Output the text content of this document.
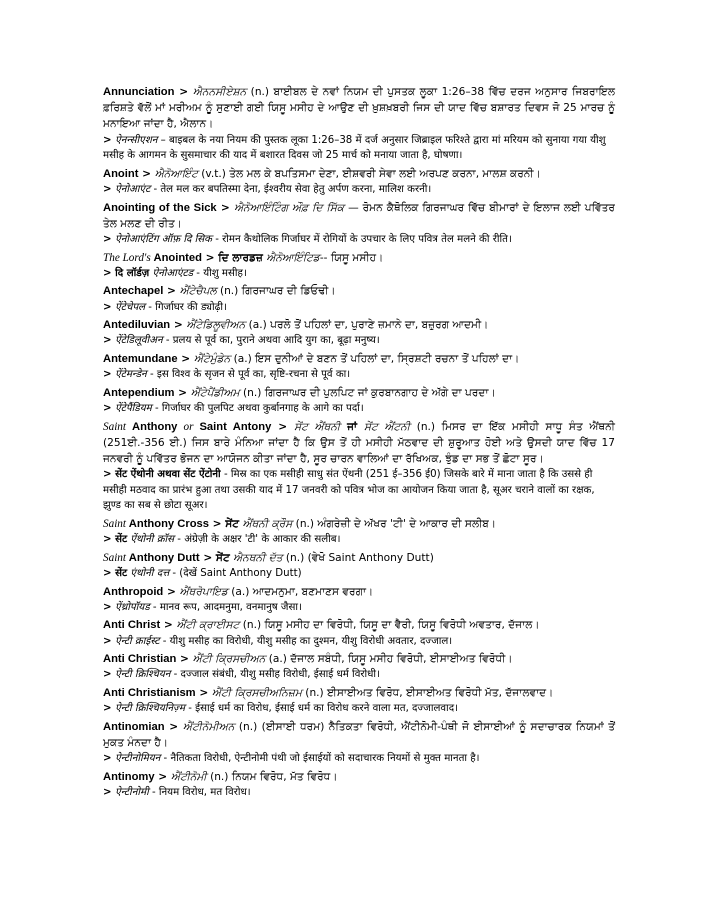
Annunciation > ਐਨਨਸੀਏਸ਼ਨ (n.) ਬਾਈਬਲ ਦੇ ਨਵਾਂ ਨਿਯਮ ਦੀ ਪੁਸਤਕ ਲੂਕਾ 1:26–38 ਵਿੱਚ ਦਰਜ ਅਨੁਸਾਰ ਜਿਬਰਾਇਲ ਫ਼ਰਿਸ਼ਤੇ ਵੱਲੋਂ ਮਾਂ ਮਰੀਅਮ ਨੂੰ ਸੁਣਾਈ ਗਈ ਯਿਸੂ ਮਸੀਹ ਦੇ ਆਉਣ ਦੀ ਖ਼ੁਸ਼ਖ਼ਬਰੀ ਜਿਸ ਦੀ ਯਾਦ ਵਿੱਚ ਬਸ਼ਾਰਤ ਦਿਵਸ ਜੋ 25 ਮਾਰਚ ਨੂੰ ਮਨਾਇਆ ਜਾਂਦਾ ਹੈ, ਐਲਾਨ।
> ऐनन्सीएशन – बाइबल के नया नियम की पुस्तक लूका 1:26–38 में दर्ज अनुसार जिब्राइल फरिश्ते द्वारा मां मरियम को सुनाया गया यीशु मसीह के आगमन के सुसमाचार की याद में बशारत दिवस जो 25 मार्च को मनाया जाता है, घोषणा।
Anoint > ਐਨੋਆਇੰਟ (v.t.) ਤੇਲ ਮਲ ਕੇ ਬਪਤਿਸਮਾ ਦੇਣਾ, ਈਸ਼ਵਰੀ ਸੇਵਾ ਲਈ ਅਰਪਣ ਕਰਨਾ, ਮਾਲਸ਼ ਕਰਨੀ।
> ऐनोआएंट - तेल मल कर बपतिस्मा देना, ईश्वरीय सेवा हेतु अर्पण करना, मालिश करनी।
Anointing of the Sick > ਐਨੋਆਇੰਟਿੰਗ ਔਫ਼ ਦਿ ਸਿੱਕ — ਰੋਮਨ ਕੈਥੋਲਿਕ ਗਿਰਜਾਘਰ ਵਿੱਚ ਬੀਮਾਰਾਂ ਦੇ ਇਲਾਜ ਲਈ ਪਵਿੱਤਰ ਤੇਲ ਮਲਣ ਦੀ ਰੀਤ।
> ऐनोआएंटिंग ऑफ़ दि सिक - रोमन कैथोलिक गिर्जाघर में रोगियों के उपचार के लिए पवित्र तेल मलने की रीति।
The Lord's Anointed > ਦਿ ਲਾਰਡਜ਼ ਐਨੋਆਇੰਟਿਡ-- ਯਿਸੂ ਮਸੀਹ।
> दि लॉर्डज़ ऐनोआएंटड - यीशु मसीह।
Antechapel > ਐਂਟੇਚੈਪਲ (n.) ਗਿਰਜਾਘਰ ਦੀ ਡਿਓਢੀ।
> ऐंटेचेपल - गिर्जाघर की ड्योढ़ी।
Antediluvian > ਐਂਟੇਡਿਲੂਵੀਅਨ (a.) ਪਰਲੋ ਤੋਂ ਪਹਿਲਾਂ ਦਾ, ਪੁਰਾਣੇ ਜ਼ਮਾਨੇ ਦਾ, ਬਜ਼ੁਰਗ ਆਦਮੀ।
> ऐंटेडिलूवीअन - प्रलय से पूर्व का, पुराने अथवा आदि युग का, बूढ़ा मनुष्य।
Antemundane > ਐਂਟੇਮੁੰਡੇਨ (a.) ਇਸ ਦੁਨੀਆਂ ਦੇ ਬਣਨ ਤੋਂ ਪਹਿਲਾਂ ਦਾ, ਸ੍ਰਿਸ਼ਟੀ ਰਚਨਾ ਤੋਂ ਪਹਿਲਾਂ ਦਾ।
> ऐंटेमन्डेन - इस विश्व के सृजन से पूर्व का, सृष्टि-रचना से पूर्व का।
Antependium > ਐਂਟੇਪੈਂਡੀਅਮ (n.) ਗਿਰਜਾਘਰ ਦੀ ਪੁਲਪਿਟ ਜਾਂ ਕੁਰਬਾਨਗਾਹ ਦੇ ਅੱਗੇ ਦਾ ਪਰਦਾ।
> ऐंटेपैंडियम - गिर्जाघर की पुलपिट अथवा कुर्बानगाह के आगे का पर्दा।
Saint Anthony or Saint Antony > ਸੇਂਟ ਐਂਥਨੀ ਜਾਂ ਸੇਂਟ ਐਂਟਨੀ (n.) ਮਿਸਰ ਦਾ ਇੱਕ ਮਸੀਹੀ ਸਾਧੂ ਸੰਤ ਐਂਥਨੀ (251ਈ.-356 ਈ.) ਜਿਸ ਬਾਰੇ ਮੰਨਿਆ ਜਾਂਦਾ ਹੈ ਕਿ ਉਸ ਤੋਂ ਹੀ ਮਸੀਹੀ ਮੱਠਵਾਦ ਦੀ ਸ਼ੁਰੂਆਤ ਹੋਈ ਅਤੇ ਉਸਦੀ ਯਾਦ ਵਿੱਚ 17 ਜਨਵਰੀ ਨੂੰ ਪਵਿੱਤਰ ਭੋਜਨ ਦਾ ਆਯੋਜਨ ਕੀਤਾ ਜਾਂਦਾ ਹੈ, ਸੂਰ ਚਾਰਨ ਵਾਲਿਆਂ ਦਾ ਰੱਖਿਅਕ, ਝੁੰਡ ਦਾ ਸਭ ਤੋਂ ਛੋਟਾ ਸੂਰ।
> सेंट ऐंथोनी अथवा सेंट ऐंटोनी - मिस्र का एक मसीही साधु संत ऐंथनी (251 ई–356 ई0) जिसके बारे में माना जाता है कि उससे ही मसीही मठवाद का प्रारंभ हुआ तथा उसकी याद में 17 जनवरी को पवित्र भोज का आयोजन किया जाता है, सूअर चराने वालों का रक्षक, झुण्ड का सब से छोटा सूअर।
Saint Anthony Cross > ਸੇਂਟ ਐਂਥਨੀ ਕ੍ਰੌਸ (n.) ਅੰਗਰੇਜ਼ੀ ਦੇ ਅੱਖਰ 'ਟੀ' ਦੇ ਆਕਾਰ ਦੀ ਸਲੀਬ।
> सेंट ऐंथोनी क्रॉस - अंग्रेज़ी के अक्षर 'टी' के आकार की सलीब।
Saint Anthony Dutt > ਸੇਂਟ ਐਨਥਨੀ ਦੱਤ (n.) (ਵੇਖੋ Saint Anthony Dutt)
> सेंट एंथोनी दत्त - (देखें Saint Anthony Dutt)
Anthropoid > ਐਂਥਰੋਪਾਇਡ (a.) ਆਦਮਨੁਮਾ, ਬਣਮਾਣਸ ਵਰਗਾ।
> ऐंथ्रोपॉयड - मानव रूप, आदमनुमा, वनमानुष जैसा।
Anti Christ > ਐਂਟੀ ਕ੍ਰਾਈਸਟ (n.) ਯਿਸੂ ਮਸੀਹ ਦਾ ਵਿਰੋਧੀ, ਯਿਸੂ ਦਾ ਵੈਰੀ, ਯਿਸੂ ਵਿਰੋਧੀ ਅਵਤਾਰ, ਦੱਜਾਲ।
> ऐन्टी क्राईस्ट - यीशु मसीह का विरोधी, यीशु मसीह का दुश्मन, यीशु विरोधी अवतार, दज्जाल।
Anti Christian > ਐਂਟੀ ਕ੍ਰਿਸਚੀਅਨ (a.) ਦੱਜਾਲ ਸਬੰਧੀ, ਯਿਸੂ ਮਸੀਹ ਵਿਰੋਧੀ, ਈਸਾਈਅਤ ਵਿਰੋਧੀ।
> ऐन्टी क्रिश्चियन - दज्जाल संबंधी, यीशु मसीह विरोधी, ईसाई धर्म विरोधी।
Anti Christianism > ਐਂਟੀ ਕ੍ਰਿਸਚੀਅਨਿਜ਼ਮ (n.) ਈਸਾਈਅਤ ਵਿਰੋਧ, ਈਸਾਈਅਤ ਵਿਰੋਧੀ ਮੱਤ, ਦੱਜਾਲਵਾਦ।
> ऐन्टी क्रिश्चियनिज़्म - ईसाई धर्म का विरोध, ईसाई धर्म का विरोध करने वाला मत, दज्जालवाद।
Antinomian > ਐਂਟੀਨੋਮੀਅਨ (n.) (ਈਸਾਈ ਧਰਮ) ਨੈਤਿਕਤਾ ਵਿਰੋਧੀ, ਐਂਟੀਨੋਮੀ-ਪੰਥੀ ਜੋ ਈਸਾਈਆਂ ਨੂੰ ਸਦਾਚਾਰਕ ਨਿਯਮਾਂ ਤੋਂ ਮੁਕਤ ਮੰਨਦਾ ਹੈ।
> ऐन्टीनोमियन - नैतिकता विरोधी, ऐन्टीनोमी पंथी जो ईसाईयों को सदाचारक नियमों से मुक्त मानता है।
Antinomy > ਐਂਟੀਨੋਮੀ (n.) ਨਿਯਮ ਵਿਰੋਧ, ਮੱਤ ਵਿਰੋਧ।
> ऐन्टीनोमी - नियम विरोध, मत विरोध।
